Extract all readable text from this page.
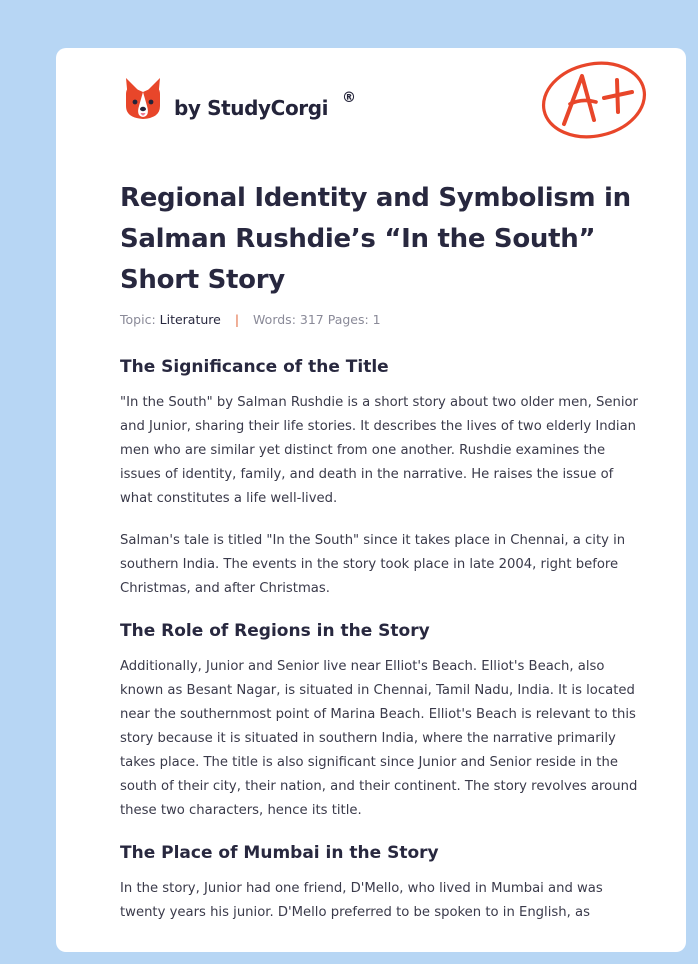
by StudyCorgi ®
Regional Identity and Symbolism in Salman Rushdie’s “In the South” Short Story
Topic: Literature | Words: 317 Pages: 1
The Significance of the Title

"In the South" by Salman Rushdie is a short story about two older men, Senior and Junior, sharing their life stories. It describes the lives of two elderly Indian men who are similar yet distinct from one another. Rushdie examines the issues of identity, family, and death in the narrative. He raises the issue of what constitutes a life well-lived.

Salman's tale is titled "In the South" since it takes place in Chennai, a city in southern India. The events in the story took place in late 2004, right before Christmas, and after Christmas.

The Role of Regions in the Story

Additionally, Junior and Senior live near Elliot's Beach. Elliot's Beach, also known as Besant Nagar, is situated in Chennai, Tamil Nadu, India. It is located near the southernmost point of Marina Beach. Elliot's Beach is relevant to this story because it is situated in southern India, where the narrative primarily takes place. The title is also significant since Junior and Senior reside in the south of their city, their nation, and their continent. The story revolves around these two characters, hence its title.

The Place of Mumbai in the Story

In the story, Junior had one friend, D'Mello, who lived in Mumbai and was twenty years his junior. D'Mello preferred to be spoken to in English, as
